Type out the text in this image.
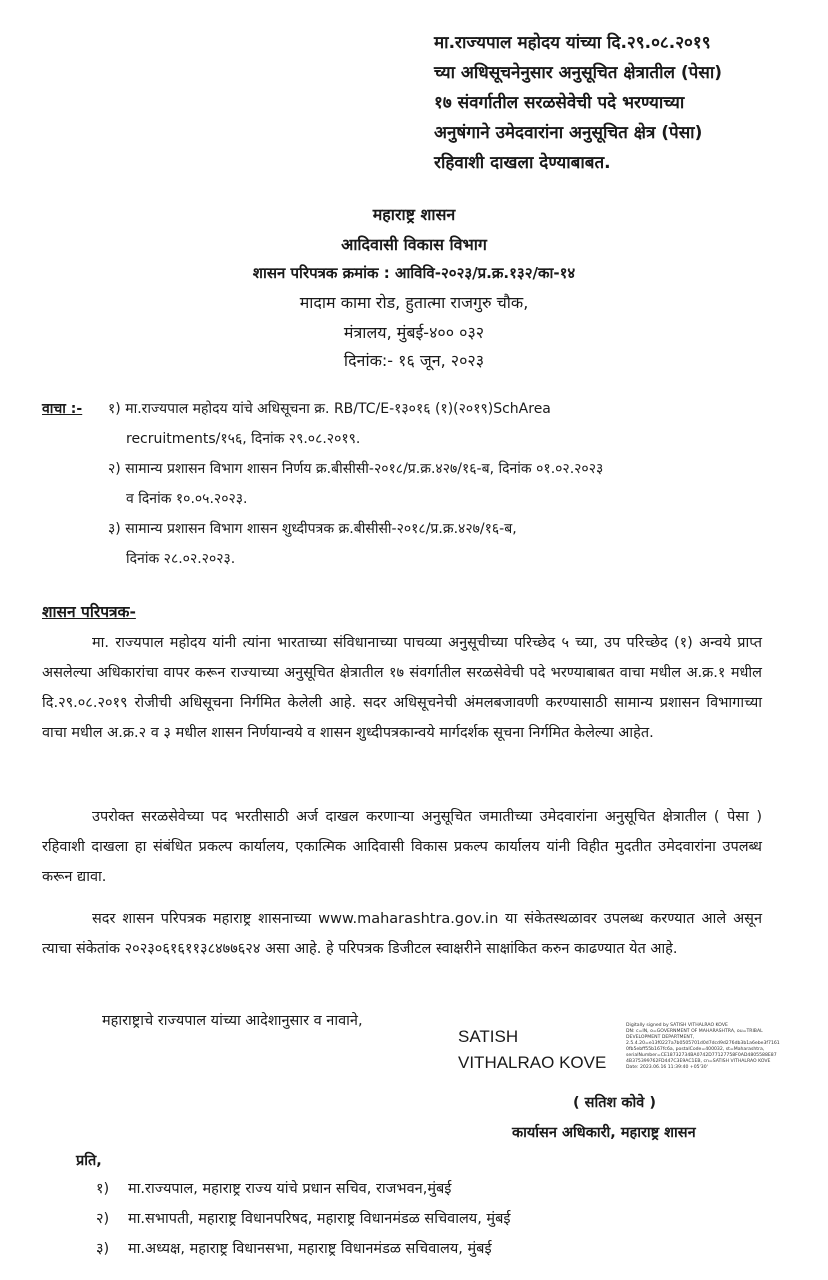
मा.राज्यपाल महोदय यांच्या दि.२९.०८.२०१९
च्या अधिसूचनेनुसार अनुसूचित क्षेत्रातील (पेसा)
१७ संवर्गातील सरळसेवेची पदे भरण्याच्या
अनुषंगाने उमेदवारांना अनुसूचित क्षेत्र (पेसा)
रहिवाशी दाखला देण्याबाबत.
महाराष्ट्र शासन
आदिवासी विकास विभाग
शासन परिपत्रक क्रमांक : आविवि-२०२३/प्र.क्र.१३२/का-१४
मादाम कामा रोड, हुतात्मा राजगुरु चौक,
मंत्रालय, मुंबई-४०० ०३२
दिनांक:- १६ जून, २०२३
वाचा :- १) मा.राज्यपाल महोदय यांचे अधिसूचना क्र. RB/TC/E-१३०१६ (१)(२०१९)SchArea
recruitments/१५६, दिनांक २९.०८.२०१९.
२) सामान्य प्रशासन विभाग शासन निर्णय क्र.बीसीसी-२०१८/प्र.क्र.४२७/१६-ब, दिनांक ०१.०२.२०२३
व दिनांक १०.०५.२०२३.
३) सामान्य प्रशासन विभाग शासन शुध्दीपत्रक क्र.बीसीसी-२०१८/प्र.क्र.४२७/१६-ब,
दिनांक २८.०२.२०२३.
शासन परिपत्रक-
मा. राज्यपाल महोदय यांनी त्यांना भारताच्या संविधानाच्या पाचव्या अनुसूचीच्या परिच्छेद ५ च्या, उप परिच्छेद (१) अन्वये प्राप्त असलेल्या अधिकारांचा वापर करून राज्याच्या अनुसूचित क्षेत्रातील १७ संवर्गातील सरळसेवेची पदे भरण्याबाबत वाचा मधील अ.क्र.१ मधील दि.२९.०८.२०१९ रोजीची अधिसूचना निर्गमित केलेली आहे. सदर अधिसूचनेची अंमलबजावणी करण्यासाठी सामान्य प्रशासन विभागाच्या वाचा मधील अ.क्र.२ व ३ मधील शासन निर्णयान्वये व शासन शुध्दीपत्रकान्वये मार्गदर्शक सूचना निर्गमित केलेल्या आहेत.
उपरोक्त सरळसेवेच्या पद भरतीसाठी अर्ज दाखल करणाऱ्या अनुसूचित जमातीच्या उमेदवारांना अनुसूचित क्षेत्रातील ( पेसा ) रहिवाशी दाखला हा संबंधित प्रकल्प कार्यालय, एकात्मिक आदिवासी विकास प्रकल्प कार्यालय यांनी विहीत मुदतीत उमेदवारांना उपलब्ध करून द्यावा.
सदर शासन परिपत्रक महाराष्ट्र शासनाच्या www.maharashtra.gov.in या संकेतस्थळावर उपलब्ध करण्यात आले असून त्याचा संकेतांक २०२३०६१६११३८४७७६२४ असा आहे. हे परिपत्रक डिजीटल स्वाक्षरीने साक्षांकित करुन काढण्यात येत आहे.
महाराष्ट्राचे राज्यपाल यांच्या आदेशानुसार व नावाने,
SATISH
VITHALRAO KOVE
Digitally signed by SATISH VITHALRAO KOVE
DN: c=IN, o=GOVERNMENT OF MAHARASHTRA, ou=TRIBAL
DEVELOPMENT DEPARTMENT,
2.5.4.20=e13f0227a7b0505701d0d7dcd9d276db3b1a6ebe3f7161
0fb5ebff55b167fc6a, postalCode=400032, st=Maharashtra,
serialNumber=CE18732734BA0742D77127758F0AD4805588E87
4B375399762FD447C3E9AC1EB, cn=SATISH VITHALRAO KOVE
Date: 2023.06.16 11:39:40 +05'30'
( सतिश कोवे )
कार्यासन अधिकारी, महाराष्ट्र शासन
प्रति,
१) मा.राज्यपाल, महाराष्ट्र राज्य यांचे प्रधान सचिव, राजभवन,मुंबई
२) मा.सभापती, महाराष्ट्र विधानपरिषद, महाराष्ट्र विधानमंडळ सचिवालय, मुंबई
३) मा.अध्यक्ष, महाराष्ट्र विधानसभा, महाराष्ट्र विधानमंडळ सचिवालय, मुंबई
